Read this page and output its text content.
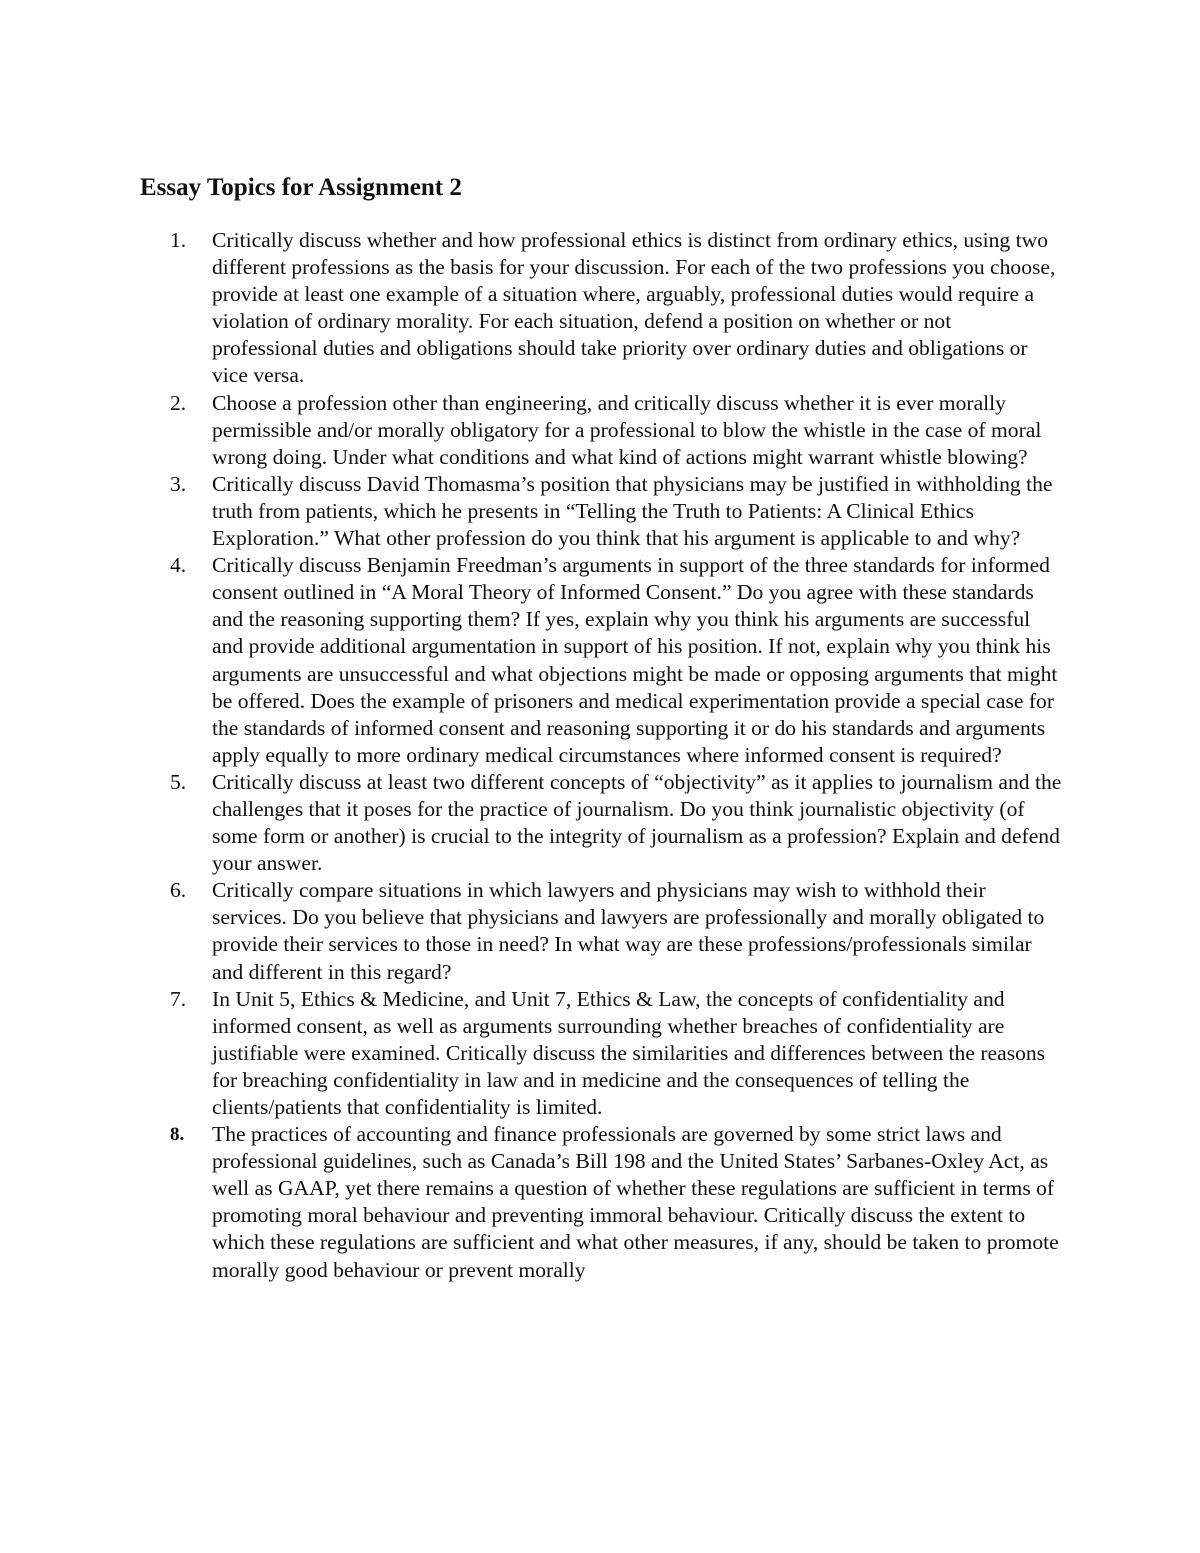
Essay Topics for Assignment 2
1.	Critically discuss whether and how professional ethics is distinct from ordinary ethics, using two different professions as the basis for your discussion. For each of the two professions you choose, provide at least one example of a situation where, arguably, professional duties would require a violation of ordinary morality. For each situation, defend a position on whether or not professional duties and obligations should take priority over ordinary duties and obligations or vice versa.
2.	Choose a profession other than engineering, and critically discuss whether it is ever morally permissible and/or morally obligatory for a professional to blow the whistle in the case of moral wrong doing. Under what conditions and what kind of actions might warrant whistle blowing?
3.	Critically discuss David Thomasma’s position that physicians may be justified in withholding the truth from patients, which he presents in “Telling the Truth to Patients: A Clinical Ethics Exploration.” What other profession do you think that his argument is applicable to and why?
4.	Critically discuss Benjamin Freedman’s arguments in support of the three standards for informed consent outlined in “A Moral Theory of Informed Consent.” Do you agree with these standards and the reasoning supporting them? If yes, explain why you think his arguments are successful and provide additional argumentation in support of his position. If not, explain why you think his arguments are unsuccessful and what objections might be made or opposing arguments that might be offered. Does the example of prisoners and medical experimentation provide a special case for the standards of informed consent and reasoning supporting it or do his standards and arguments apply equally to more ordinary medical circumstances where informed consent is required?
5.	Critically discuss at least two different concepts of “objectivity” as it applies to journalism and the challenges that it poses for the practice of journalism. Do you think journalistic objectivity (of some form or another) is crucial to the integrity of journalism as a profession? Explain and defend your answer.
6.	Critically compare situations in which lawyers and physicians may wish to withhold their services. Do you believe that physicians and lawyers are professionally and morally obligated to provide their services to those in need? In what way are these professions/professionals similar and different in this regard?
7.	In Unit 5, Ethics & Medicine, and Unit 7, Ethics & Law, the concepts of confidentiality and informed consent, as well as arguments surrounding whether breaches of confidentiality are justifiable were examined. Critically discuss the similarities and differences between the reasons for breaching confidentiality in law and in medicine and the consequences of telling the clients/patients that confidentiality is limited.
8.	The practices of accounting and finance professionals are governed by some strict laws and professional guidelines, such as Canada’s Bill 198 and the United States’ Sarbanes-Oxley Act, as well as GAAP, yet there remains a question of whether these regulations are sufficient in terms of promoting moral behaviour and preventing immoral behaviour. Critically discuss the extent to which these regulations are sufficient and what other measures, if any, should be taken to promote morally good behaviour or prevent morally
